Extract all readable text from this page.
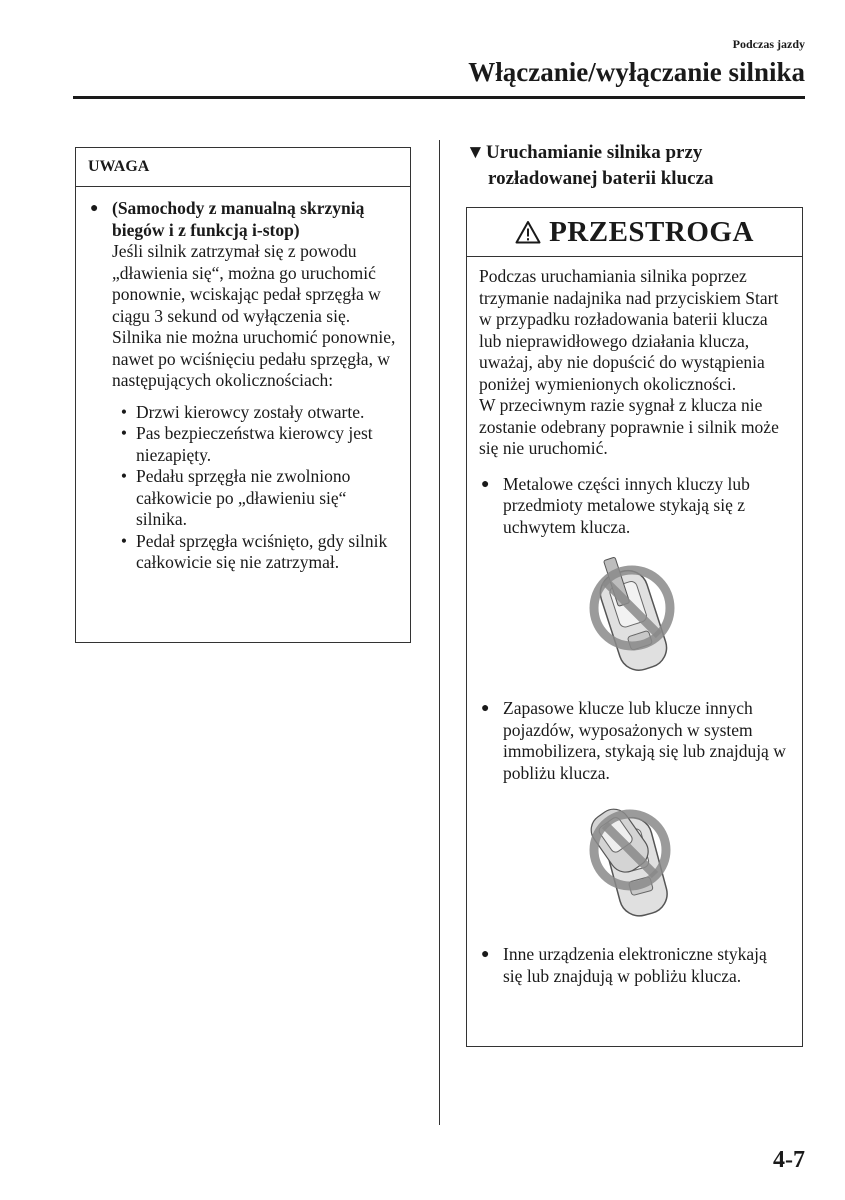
Podczas jazdy
Włączanie/wyłączanie silnika
UWAGA
● (Samochody z manualną skrzynią biegów i z funkcją i-stop)
Jeśli silnik zatrzymał się z powodu „dławienia się“, można go uruchomić ponownie, wciskając pedał sprzęgła w ciągu 3 sekund od wyłączenia się.
Silnika nie można uruchomić ponownie, nawet po wciśnięciu pedału sprzęgła, w następujących okolicznościach:
• Drzwi kierowcy zostały otwarte.
• Pas bezpieczeństwa kierowcy jest niezapięty.
• Pedału sprzęgła nie zwolniono całkowicie po „dławieniu się“ silnika.
• Pedał sprzęgła wciśnięto, gdy silnik całkowicie się nie zatrzymał.
▼Uruchamianie silnika przy
rozładowanej baterii klucza
PRZESTROGA
Podczas uruchamiania silnika poprzez trzymanie nadajnika nad przyciskiem Start w przypadku rozładowania baterii klucza lub nieprawidłowego działania klucza, uważaj, aby nie dopuścić do wystąpienia poniżej wymienionych okoliczności.
W przeciwnym razie sygnał z klucza nie zostanie odebrany poprawnie i silnik może się nie uruchomić.
● Metalowe części innych kluczy lub przedmioty metalowe stykają się z uchwytem klucza.
● Zapasowe klucze lub klucze innych pojazdów, wyposażonych w system immobilizera, stykają się lub znajdują w pobliżu klucza.
● Inne urządzenia elektroniczne stykają się lub znajdują w pobliżu klucza.
4-7
